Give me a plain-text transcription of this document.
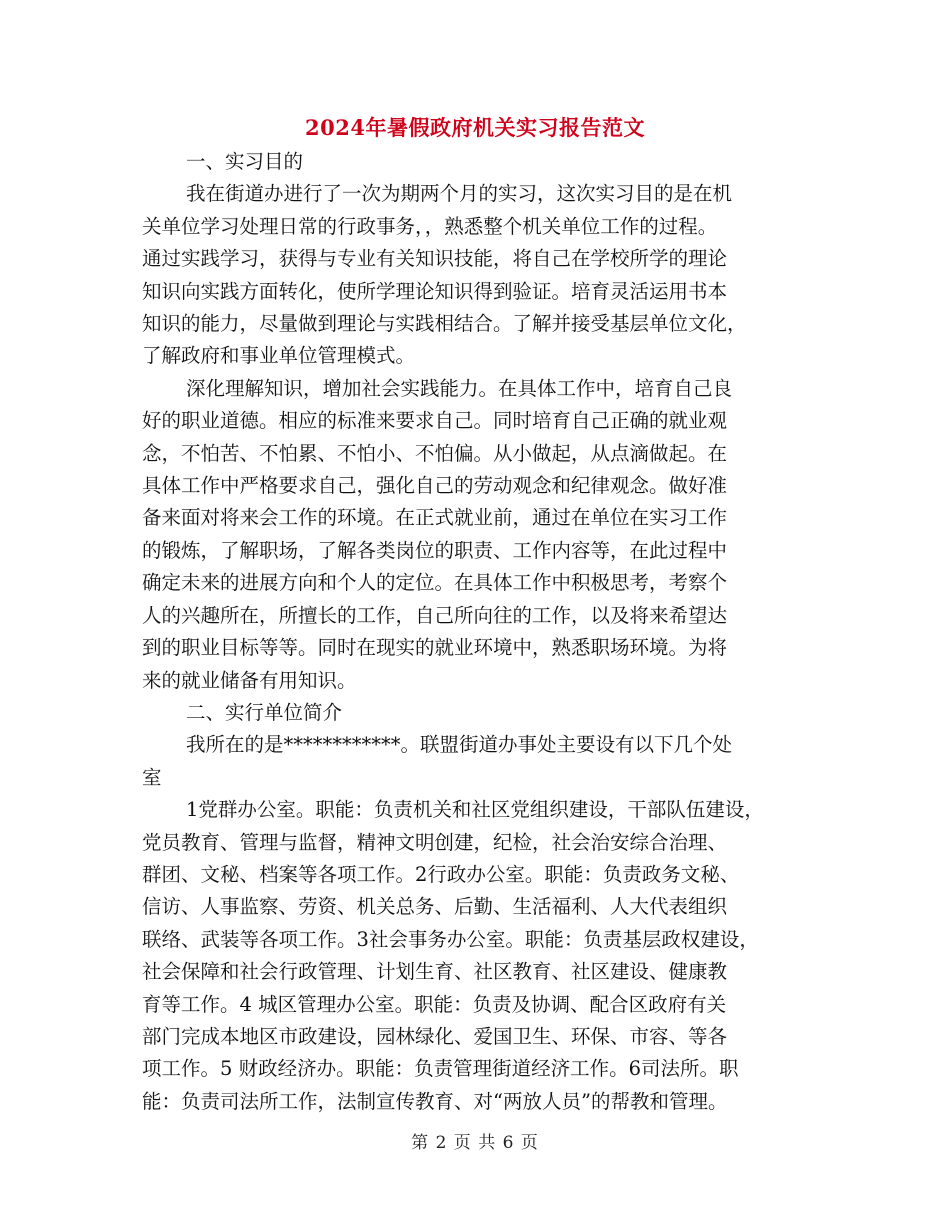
2024年暑假政府机关实习报告范文
一、实习目的
我在街道办进行了一次为期两个月的实习，这次实习目的是在机
关单位学习处理日常的行政事务，，熟悉整个机关单位工作的过程。
通过实践学习，获得与专业有关知识技能，将自己在学校所学的理论
知识向实践方面转化，使所学理论知识得到验证。培育灵活运用书本
知识的能力，尽量做到理论与实践相结合。了解并接受基层单位文化，
了解政府和事业单位管理模式。
深化理解知识，增加社会实践能力。在具体工作中，培育自己良
好的职业道德。相应的标准来要求自己。同时培育自己正确的就业观
念，不怕苦、不怕累、不怕小、不怕偏。从小做起，从点滴做起。在
具体工作中严格要求自己，强化自己的劳动观念和纪律观念。做好准
备来面对将来会工作的环境。在正式就业前，通过在单位在实习工作
的锻炼，了解职场，了解各类岗位的职责、工作内容等，在此过程中
确定未来的进展方向和个人的定位。在具体工作中积极思考，考察个
人的兴趣所在，所擅长的工作，自己所向往的工作，以及将来希望达
到的职业目标等等。同时在现实的就业环境中，熟悉职场环境。为将
来的就业储备有用知识。
二、实行单位简介
我所在的是************。联盟街道办事处主要设有以下几个处
室
1党群办公室。职能：负责机关和社区党组织建设，干部队伍建设，
党员教育、管理与监督，精神文明创建，纪检，社会治安综合治理、
群团、文秘、档案等各项工作。2行政办公室。职能：负责政务文秘、
信访、人事监察、劳资、机关总务、后勤、生活福利、人大代表组织
联络、武装等各项工作。3社会事务办公室。职能：负责基层政权建设，
社会保障和社会行政管理、计划生育、社区教育、社区建设、健康教
育等工作。4 城区管理办公室。职能：负责及协调、配合区政府有关
部门完成本地区市政建设，园林绿化、爱国卫生、环保、市容、等各
项工作。5 财政经济办。职能：负责管理街道经济工作。6司法所。职
能：负责司法所工作，法制宣传教育、对“两放人员”的帮教和管理。
第 2 页 共 6 页
